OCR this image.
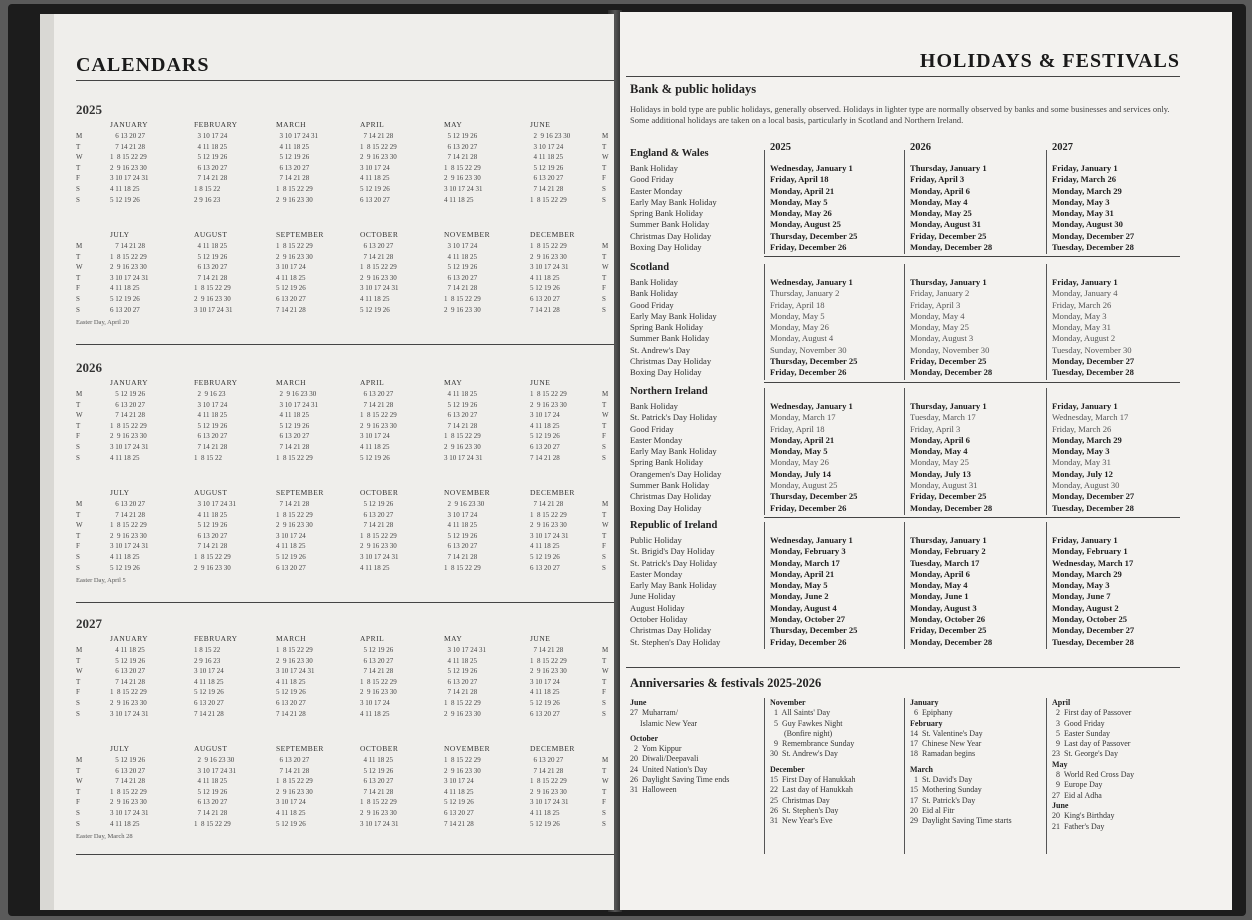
CALENDARS
2025
M
T
W
T
F
S
S
M
T
W
T
F
S
S
JANUARY
6 13 20 27
7 14 21 28
1  8 15 22 29
2  9 16 23 30
3 10 17 24 31
4 11 18 25
5 12 19 26
FEBRUARY
3 10 17 24
4 11 18 25
5 12 19 26
6 13 20 27
7 14 21 28
1 8 15 22
2 9 16 23
MARCH
3 10 17 24 31
4 11 18 25
5 12 19 26
6 13 20 27
7 14 21 28
1  8 15 22 29
2  9 16 23 30
APRIL
7 14 21 28
1  8 15 22 29
2  9 16 23 30
3 10 17 24
4 11 18 25
5 12 19 26
6 13 20 27
MAY
5 12 19 26
6 13 20 27
7 14 21 28
1  8 15 22 29
2  9 16 23 30
3 10 17 24 31
4 11 18 25
JUNE
2  9 16 23 30
3 10 17 24
4 11 18 25
5 12 19 26
6 13 20 27
7 14 21 28
1  8 15 22 29
M
T
W
T
F
S
S
M
T
W
T
F
S
S
JULY
7 14 21 28
1  8 15 22 29
2  9 16 23 30
3 10 17 24 31
4 11 18 25
5 12 19 26
6 13 20 27
AUGUST
4 11 18 25
5 12 19 26
6 13 20 27
7 14 21 28
1  8 15 22 29
2  9 16 23 30
3 10 17 24 31
SEPTEMBER
1  8 15 22 29
2  9 16 23 30
3 10 17 24
4 11 18 25
5 12 19 26
6 13 20 27
7 14 21 28
OCTOBER
6 13 20 27
7 14 21 28
1  8 15 22 29
2  9 16 23 30
3 10 17 24 31
4 11 18 25
5 12 19 26
NOVEMBER
3 10 17 24
4 11 18 25
5 12 19 26
6 13 20 27
7 14 21 28
1  8 15 22 29
2  9 16 23 30
DECEMBER
1  8 15 22 29
2  9 16 23 30
3 10 17 24 31
4 11 18 25
5 12 19 26
6 13 20 27
7 14 21 28
Easter Day, April 20
2026
M
T
W
T
F
S
S
M
T
W
T
F
S
S
JANUARY
5 12 19 26
6 13 20 27
7 14 21 28
1  8 15 22 29
2  9 16 23 30
3 10 17 24 31
4 11 18 25
FEBRUARY
2  9 16 23
3 10 17 24
4 11 18 25
5 12 19 26
6 13 20 27
7 14 21 28
1  8 15 22
MARCH
2  9 16 23 30
3 10 17 24 31
4 11 18 25
5 12 19 26
6 13 20 27
7 14 21 28
1  8 15 22 29
APRIL
6 13 20 27
7 14 21 28
1  8 15 22 29
2  9 16 23 30
3 10 17 24
4 11 18 25
5 12 19 26
MAY
4 11 18 25
5 12 19 26
6 13 20 27
7 14 21 28
1  8 15 22 29
2  9 16 23 30
3 10 17 24 31
JUNE
1  8 15 22 29
2  9 16 23 30
3 10 17 24
4 11 18 25
5 12 19 26
6 13 20 27
7 14 21 28
M
T
W
T
F
S
S
M
T
W
T
F
S
S
JULY
6 13 20 27
7 14 21 28
1  8 15 22 29
2  9 16 23 30
3 10 17 24 31
4 11 18 25
5 12 19 26
AUGUST
3 10 17 24 31
4 11 18 25
5 12 19 26
6 13 20 27
7 14 21 28
1  8 15 22 29
2  9 16 23 30
SEPTEMBER
7 14 21 28
1  8 15 22 29
2  9 16 23 30
3 10 17 24
4 11 18 25
5 12 19 26
6 13 20 27
OCTOBER
5 12 19 26
6 13 20 27
7 14 21 28
1  8 15 22 29
2  9 16 23 30
3 10 17 24 31
4 11 18 25
NOVEMBER
2  9 16 23 30
3 10 17 24
4 11 18 25
5 12 19 26
6 13 20 27
7 14 21 28
1  8 15 22 29
DECEMBER
7 14 21 28
1  8 15 22 29
2  9 16 23 30
3 10 17 24 31
4 11 18 25
5 12 19 26
6 13 20 27
Easter Day, April 5
2027
M
T
W
T
F
S
S
M
T
W
T
F
S
S
JANUARY
4 11 18 25
5 12 19 26
6 13 20 27
7 14 21 28
1  8 15 22 29
2  9 16 23 30
3 10 17 24 31
FEBRUARY
1 8 15 22
2 9 16 23
3 10 17 24
4 11 18 25
5 12 19 26
6 13 20 27
7 14 21 28
MARCH
1  8 15 22 29
2  9 16 23 30
3 10 17 24 31
4 11 18 25
5 12 19 26
6 13 20 27
7 14 21 28
APRIL
5 12 19 26
6 13 20 27
7 14 21 28
1  8 15 22 29
2  9 16 23 30
3 10 17 24
4 11 18 25
MAY
3 10 17 24 31
4 11 18 25
5 12 19 26
6 13 20 27
7 14 21 28
1  8 15 22 29
2  9 16 23 30
JUNE
7 14 21 28
1  8 15 22 29
2  9 16 23 30
3 10 17 24
4 11 18 25
5 12 19 26
6 13 20 27
M
T
W
T
F
S
S
M
T
W
T
F
S
S
JULY
5 12 19 26
6 13 20 27
7 14 21 28
1  8 15 22 29
2  9 16 23 30
3 10 17 24 31
4 11 18 25
AUGUST
2  9 16 23 30
3 10 17 24 31
4 11 18 25
5 12 19 26
6 13 20 27
7 14 21 28
1  8 15 22 29
SEPTEMBER
6 13 20 27
7 14 21 28
1  8 15 22 29
2  9 16 23 30
3 10 17 24
4 11 18 25
5 12 19 26
OCTOBER
4 11 18 25
5 12 19 26
6 13 20 27
7 14 21 28
1  8 15 22 29
2  9 16 23 30
3 10 17 24 31
NOVEMBER
1  8 15 22 29
2  9 16 23 30
3 10 17 24
4 11 18 25
5 12 19 26
6 13 20 27
7 14 21 28
DECEMBER
6 13 20 27
7 14 21 28
1  8 15 22 29
2  9 16 23 30
3 10 17 24 31
4 11 18 25
5 12 19 26
Easter Day, March 28
HOLIDAYS & FESTIVALS
Bank & public holidays
Holidays in bold type are public holidays, generally observed. Holidays in lighter type are normally observed by banks and some businesses and services only. Some additional holidays are taken on a local basis, particularly in Scotland and Northern Ireland.
Anniversaries & festivals 2025-2026
2025	2026	2027
England & Wales
Bank Holiday
Good Friday
Easter Monday
Early May Bank Holiday
Spring Bank Holiday
Summer Bank Holiday
Christmas Day Holiday
Boxing Day Holiday
Wednesday, January 1
Friday, April 18
Monday, April 21
Monday, May 5
Monday, May 26
Monday, August 25
Thursday, December 25
Friday, December 26
Thursday, January 1
Friday, April 3
Monday, April 6
Monday, May 4
Monday, May 25
Monday, August 31
Friday, December 25
Monday, December 28
Friday, January 1
Friday, March 26
Monday, March 29
Monday, May 3
Monday, May 31
Monday, August 30
Monday, December 27
Tuesday, December 28
Scotland
Bank Holiday
Bank Holiday
Good Friday
Early May Bank Holiday
Spring Bank Holiday
Summer Bank Holiday
St. Andrew's Day
Christmas Day Holiday
Boxing Day Holiday
Wednesday, January 1
Thursday, January 2
Friday, April 18
Monday, May 5
Monday, May 26
Monday, August 4
Sunday, November 30
Thursday, December 25
Friday, December 26
Thursday, January 1
Friday, January 2
Friday, April 3
Monday, May 4
Monday, May 25
Monday, August 3
Monday, November 30
Friday, December 25
Monday, December 28
Friday, January 1
Monday, January 4
Friday, March 26
Monday, May 3
Monday, May 31
Monday, August 2
Tuesday, November 30
Monday, December 27
Tuesday, December 28
Northern Ireland
Bank Holiday
St. Patrick's Day Holiday
Good Friday
Easter Monday
Early May Bank Holiday
Spring Bank Holiday
Orangemen's Day Holiday
Summer Bank Holiday
Christmas Day Holiday
Boxing Day Holiday
Wednesday, January 1
Monday, March 17
Friday, April 18
Monday, April 21
Monday, May 5
Monday, May 26
Monday, July 14
Monday, August 25
Thursday, December 25
Friday, December 26
Thursday, January 1
Tuesday, March 17
Friday, April 3
Monday, April 6
Monday, May 4
Monday, May 25
Monday, July 13
Monday, August 31
Friday, December 25
Monday, December 28
Friday, January 1
Wednesday, March 17
Friday, March 26
Monday, March 29
Monday, May 3
Monday, May 31
Monday, July 12
Monday, August 30
Monday, December 27
Tuesday, December 28
Republic of Ireland
Public Holiday
St. Brigid's Day Holiday
St. Patrick's Day Holiday
Easter Monday
Early May Bank Holiday
June Holiday
August Holiday
October Holiday
Christmas Day Holiday
St. Stephen's Day Holiday
Wednesday, January 1
Monday, February 3
Monday, March 17
Monday, April 21
Monday, May 5
Monday, June 2
Monday, August 4
Monday, October 27
Thursday, December 25
Friday, December 26
Thursday, January 1
Monday, February 2
Tuesday, March 17
Monday, April 6
Monday, May 4
Monday, June 1
Monday, August 3
Monday, October 26
Friday, December 25
Monday, December 28
Friday, January 1
Monday, February 1
Wednesday, March 17
Monday, March 29
Monday, May 3
Monday, June 7
Monday, August 2
Monday, October 25
Monday, December 27
Tuesday, December 28
June
27  Muharram/
Islamic New Year
October
2  Yom Kippur
20  Diwali/Deepavali
24  United Nation's Day
26  Daylight Saving Time ends
31  Halloween
November
1  All Saints' Day
5  Guy Fawkes Night
(Bonfire night)
9  Remembrance Sunday
30  St. Andrew's Day
December
15  First Day of Hanukkah
22  Last day of Hanukkah
25  Christmas Day
26  St. Stephen's Day
31  New Year's Eve
January
6  Epiphany
February
14  St. Valentine's Day
17  Chinese New Year
18  Ramadan begins
March
1  St. David's Day
15  Mothering Sunday
17  St. Patrick's Day
20  Eid al Fitr
29  Daylight Saving Time starts
April
2  First day of Passover
3  Good Friday
5  Easter Sunday
9  Last day of Passover
23  St. George's Day
May
8  World Red Cross Day
9  Europe Day
27  Eid al Adha
June
20  King's Birthday
21  Father's Day
